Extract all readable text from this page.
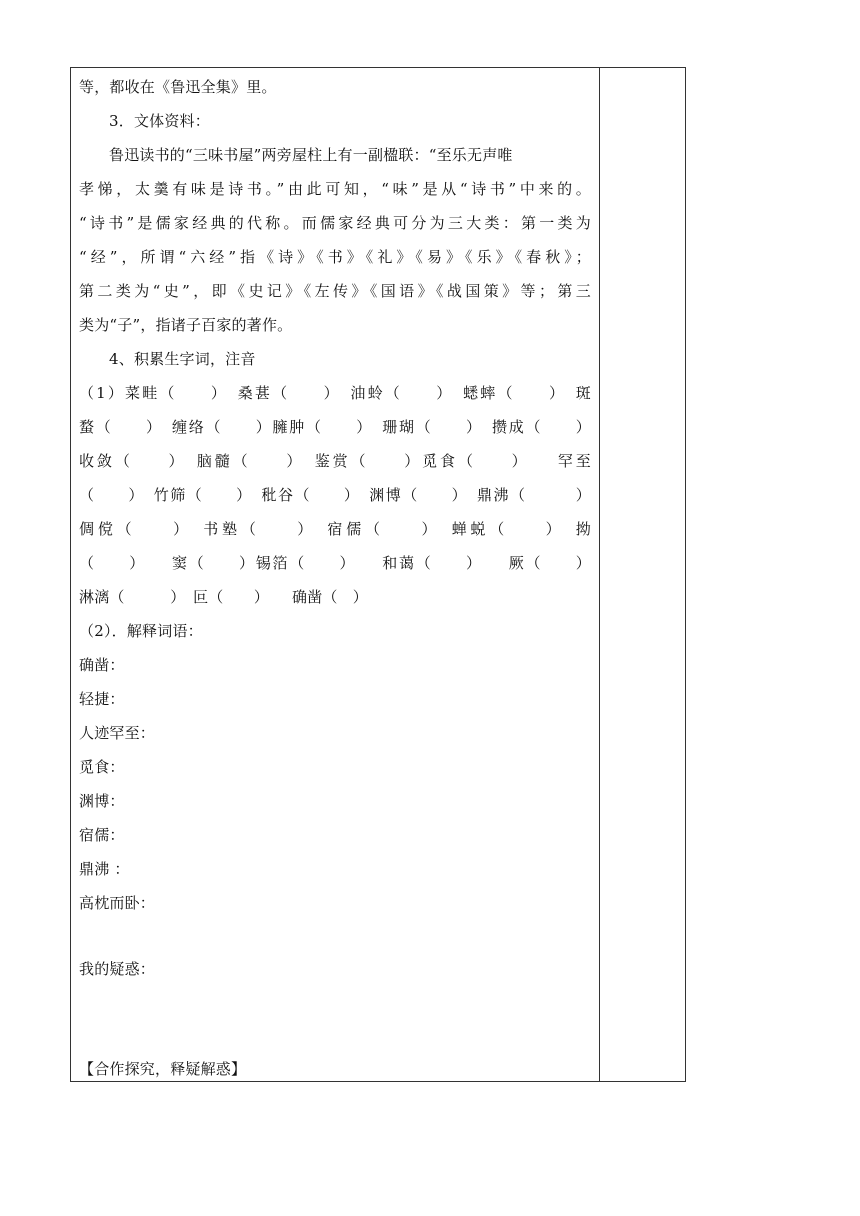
等，都收在《鲁迅全集》里。
3．文体资料：
鲁迅读书的“三味书屋”两旁屋柱上有一副楹联：“至乐无声唯
孝悌，太羹有味是诗书。”由此可知，“味”是从“诗书”中来的。
“诗书”是儒家经典的代称。而儒家经典可分为三大类：第一类为
“经”，所谓“六经”指《诗》《书》《礼》《易》《乐》《春秋》；
第二类为“史”，即《史记》《左传》《国语》《战国策》等；第三
类为“子”，指诸子百家的著作。
4、积累生字词，注音
（1）菜畦（　　）　桑葚（　　）　油蛉（　　）　蟋蟀（　　）　斑
蝥（　　）　缠络（　　）臃肿（　　）　珊瑚（　　）　攒成（　　）
收敛（　　）　脑髓（　　）　鉴赏（　　）觅食（　　）　　罕至
（　　）　竹筛（　　）　秕谷（　　）　渊博（　　）　鼎沸（　　　）
倜傥（　　）　书塾（　　）　宿儒（　　）　蝉蜕（　　）　拗
（　　）　　窦（　　）锡箔（　　）　　和蔼（　　）　　厥（　　）
淋漓（　　　）　叵（　　）　　确凿（　）
（2）．解释词语：
确凿：
轻捷：
人迹罕至：
觅食：
渊博：
宿儒：
鼎沸 ：
高枕而卧：
我的疑惑：
【合作探究，释疑解惑】
